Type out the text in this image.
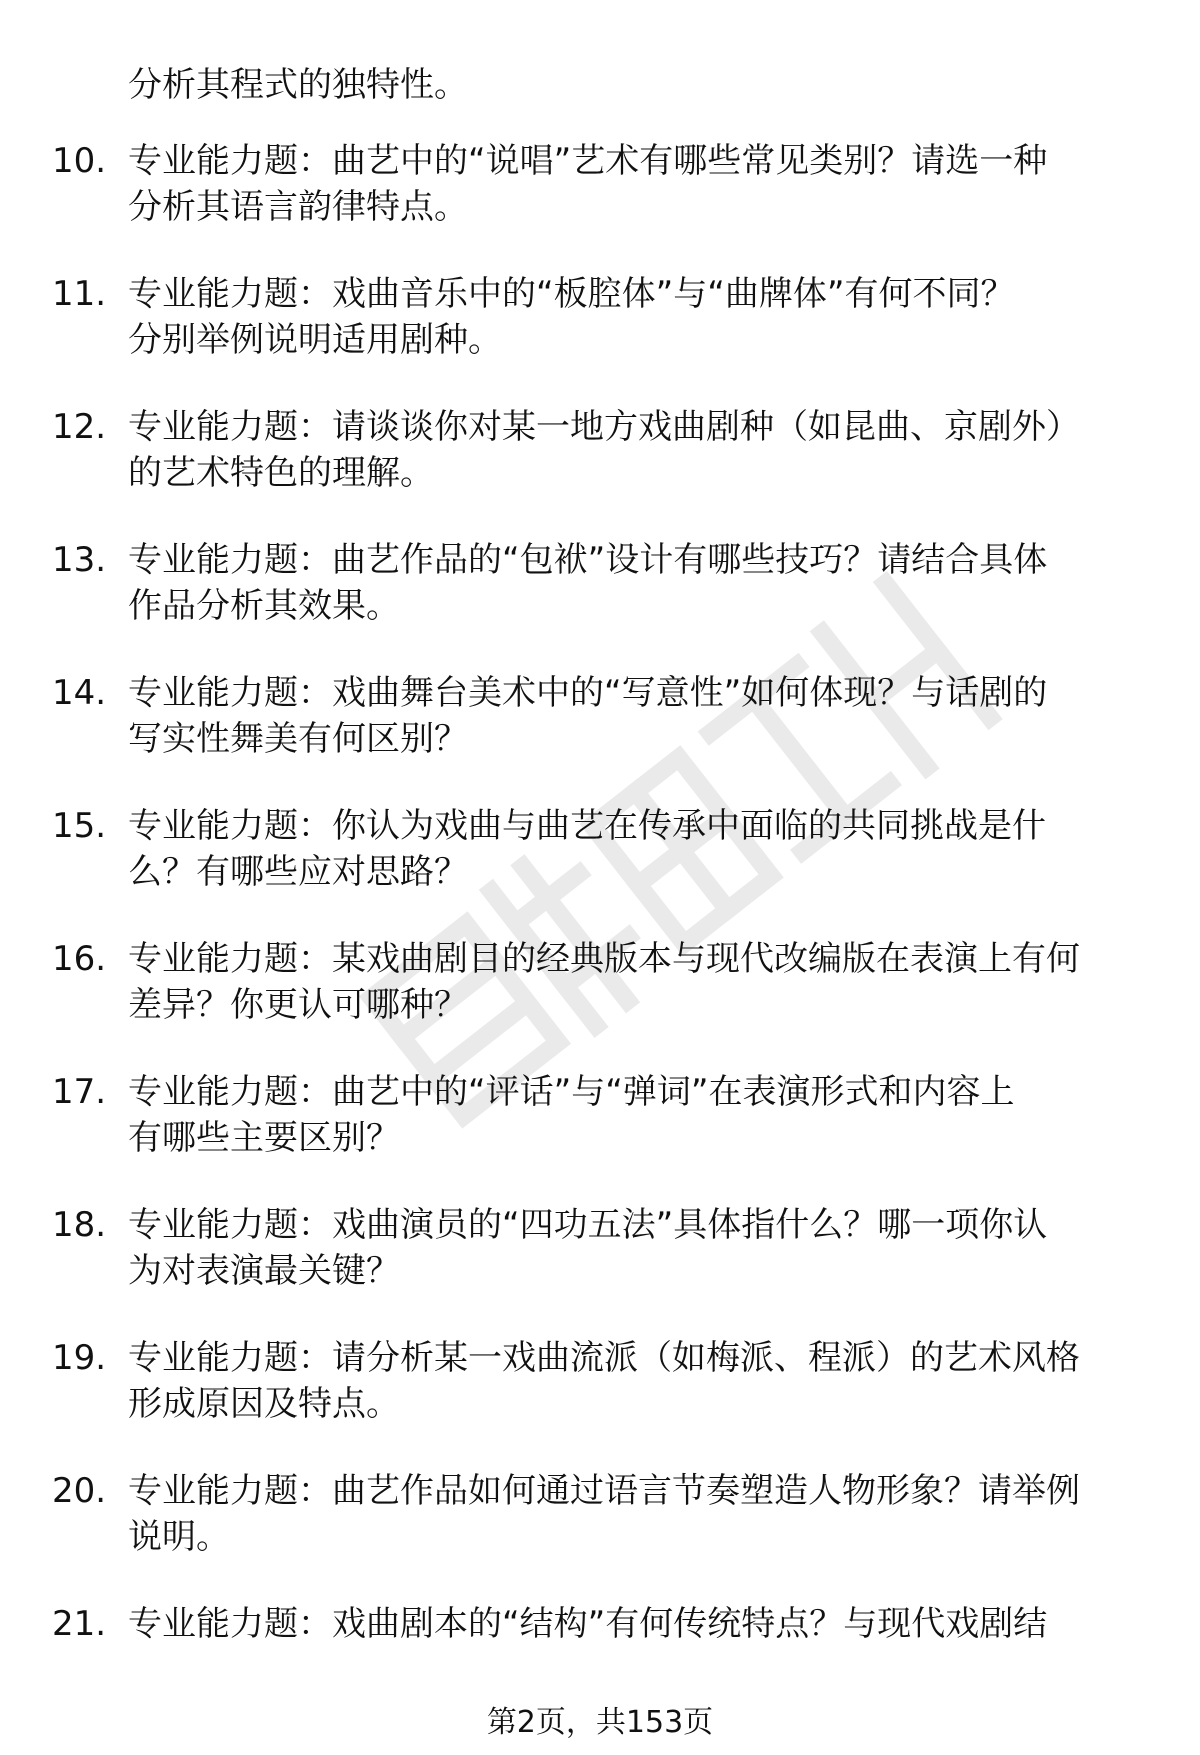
分析其程式的独特性。
10. 专业能力题：曲艺中的“说唱”艺术有哪些常见类别？请选一种
分析其语言韵律特点。
11. 专业能力题：戏曲音乐中的“板腔体”与“曲牌体”有何不同？
分别举例说明适用剧种。
12. 专业能力题：请谈谈你对某一地方戏曲剧种（如昆曲、京剧外）
的艺术特色的理解。
13. 专业能力题：曲艺作品的“包袱”设计有哪些技巧？请结合具体
作品分析其效果。
14. 专业能力题：戏曲舞台美术中的“写意性”如何体现？与话剧的
写实性舞美有何区别？
15. 专业能力题：你认为戏曲与曲艺在传承中面临的共同挑战是什
么？有哪些应对思路？
16. 专业能力题：某戏曲剧目的经典版本与现代改编版在表演上有何
差异？你更认可哪种？
17. 专业能力题：曲艺中的“评话”与“弹词”在表演形式和内容上
有哪些主要区别？
18. 专业能力题：戏曲演员的“四功五法”具体指什么？哪一项你认
为对表演最关键？
19. 专业能力题：请分析某一戏曲流派（如梅派、程派）的艺术风格
形成原因及特点。
20. 专业能力题：曲艺作品如何通过语言节奏塑造人物形象？请举例
说明。
21. 专业能力题：戏曲剧本的“结构”有何传统特点？与现代戏剧结
第2页，共153页
